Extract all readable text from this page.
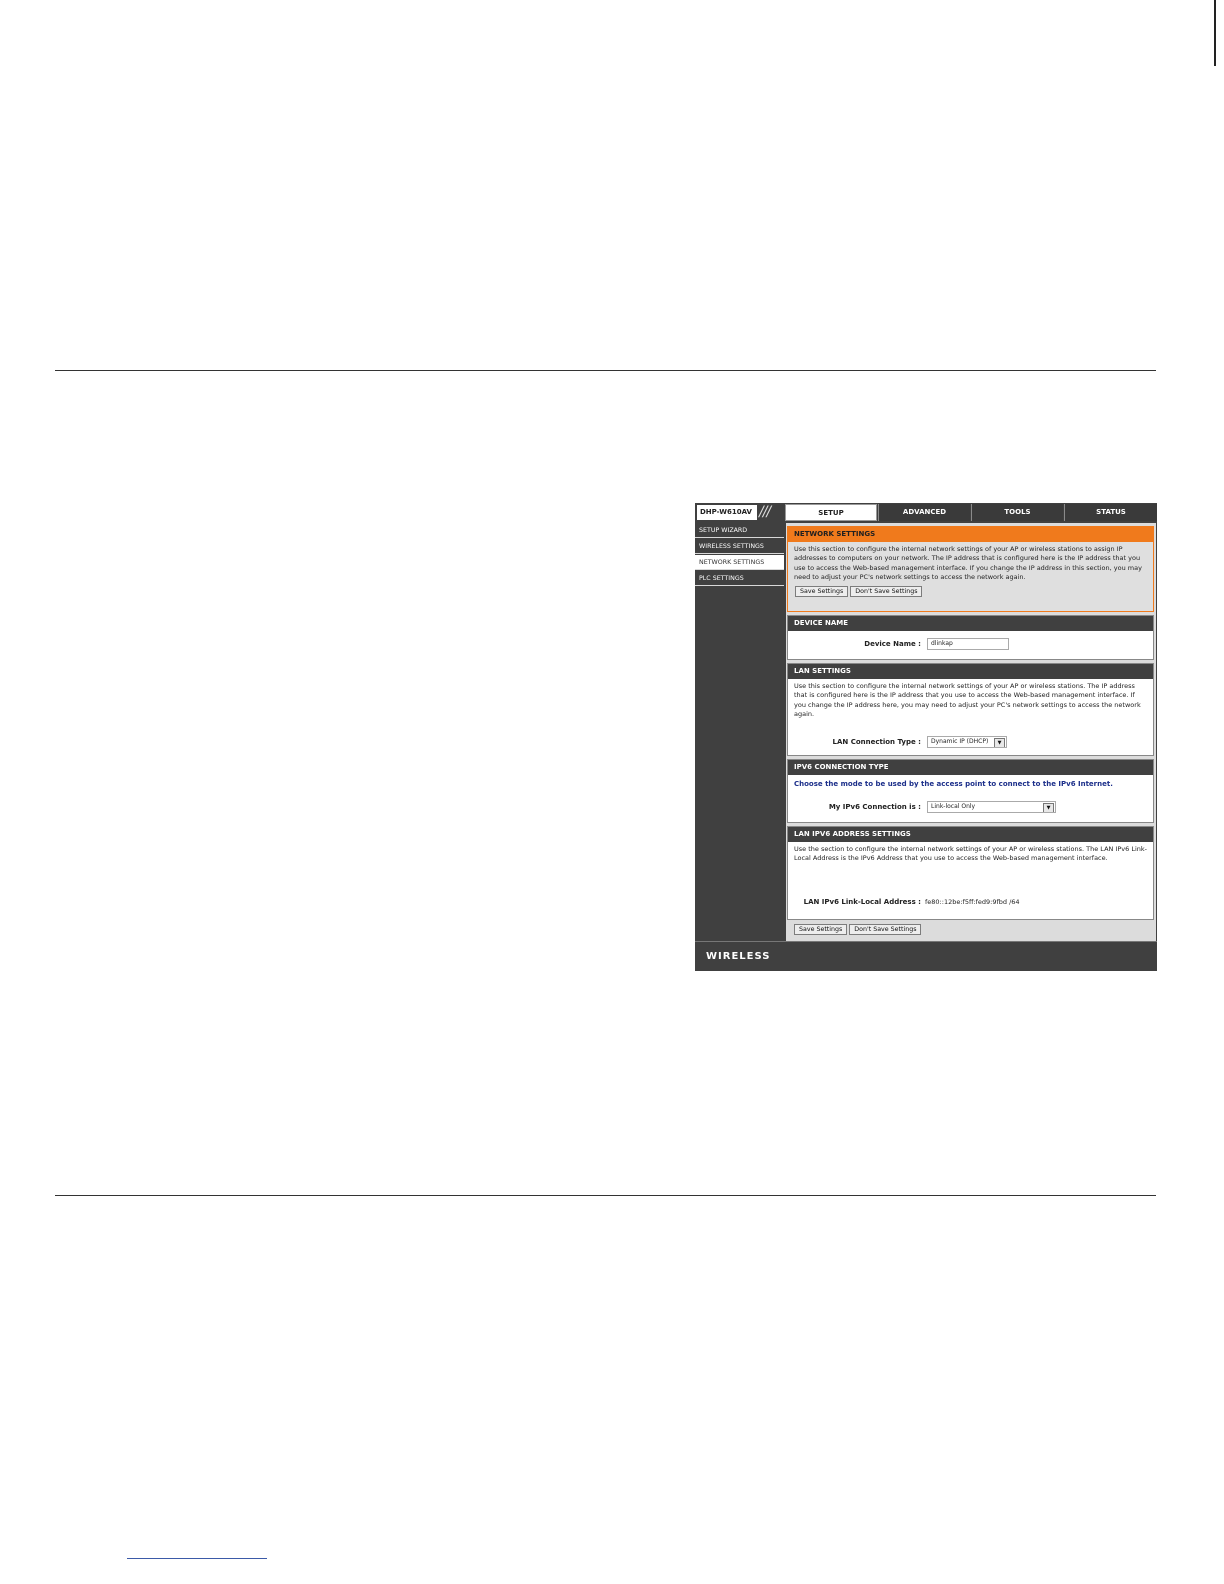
DHP-W610AV ///	SETUP	ADVANCED	TOOLS	STATUS
SETUP WIZARD
WIRELESS SETTINGS
NETWORK SETTINGS
PLC SETTINGS
NETWORK SETTINGS

Use this section to configure the internal network settings of your AP or wireless stations to assign IP addresses to computers on your network. The IP address that is configured here is the IP address that you use to access the Web-based management interface. If you change the IP address in this section, you may need to adjust your PC's network settings to access the network again.

Save Settings Don't Save Settings
DEVICE NAME
Device Name :	dlinkap
LAN SETTINGS

Use this section to configure the internal network settings of your AP or wireless stations. The IP address that is configured here is the IP address that you use to access the Web-based management interface. If you change the IP address here, you may need to adjust your PC's network settings to access the network again.

LAN Connection Type :	Dynamic IP (DHCP)	▼
IPV6 CONNECTION TYPE

Choose the mode to be used by the access point to connect to the IPv6 Internet.

My IPv6 Connection is :	Link-local Only	▼
LAN IPV6 ADDRESS SETTINGS

Use the section to configure the internal network settings of your AP or wireless stations. The LAN IPv6 Link-Local Address is the IPv6 Address that you use to access the Web-based management interface.

LAN IPv6 Link-Local Address : fe80::12be:f5ff:fed9:9fbd /64
Save Settings Don't Save Settings
WIRELESS
